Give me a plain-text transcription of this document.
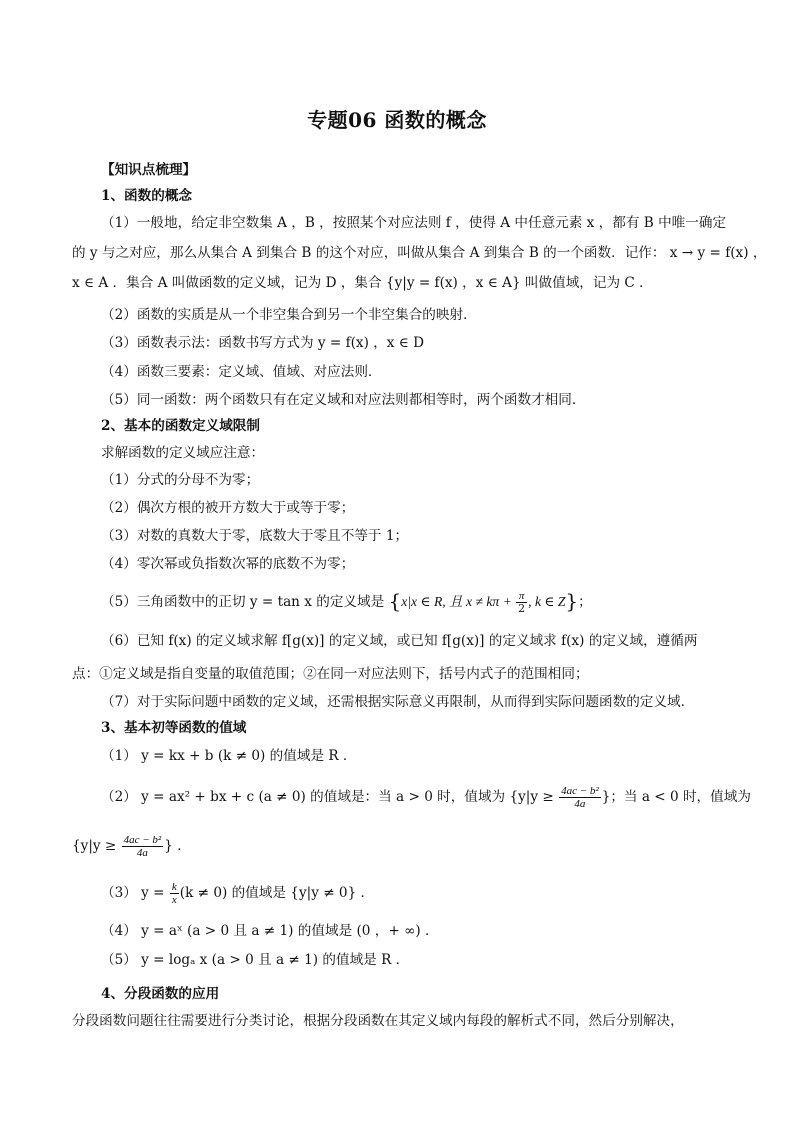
专题06 函数的概念
【知识点梳理】
1、函数的概念
（1）一般地，给定非空数集 A ，B ，按照某个对应法则 f ，使得 A 中任意元素 x ，都有 B 中唯一确定
的 y 与之对应，那么从集合 A 到集合 B 的这个对应，叫做从集合 A 到集合 B 的一个函数．记作： x → y = f(x) ，
x ∈ A ．集合 A 叫做函数的定义域，记为 D ，集合 {y|y = f(x) ，x ∈ A} 叫做值域，记为 C ．
（2）函数的实质是从一个非空集合到另一个非空集合的映射．
（3）函数表示法：函数书写方式为 y = f(x) ，x ∈ D
（4）函数三要素：定义域、值域、对应法则．
（5）同一函数：两个函数只有在定义域和对应法则都相等时，两个函数才相同．
2、基本的函数定义域限制
求解函数的定义域应注意：
（1）分式的分母不为零；
（2）偶次方根的被开方数大于或等于零；
（3）对数的真数大于零，底数大于零且不等于 1；
（4）零次幂或负指数次幂的底数不为零；
（5）三角函数中的正切 y = tan x 的定义域是 {x|x ∈ R, 且 $x \ne k\pi + \frac{\pi}{2}$ , k ∈ Z}；
（6）已知 f(x) 的定义域求解 f[g(x)] 的定义域，或已知 f[g(x)] 的定义域求 f(x) 的定义域，遵循两
点：①定义域是指自变量的取值范围；②在同一对应法则下，括号内式子的范围相同；
（7）对于实际问题中函数的定义域，还需根据实际意义再限制，从而得到实际问题函数的定义域．
3、基本初等函数的值域
（1） y = kx + b (k ≠ 0) 的值域是 R ．
（2） y = ax² + bx + c (a ≠ 0) 的值域是：当 a > 0 时，值域为 {$y|y \ge \frac{\text{4ac − b²}}{4a}$ }；当 a < 0 时，值域为
{$y|y \ge \frac{\text{4ac − b²}}{4a}$ } ．
（3） $y = \frac{k}{x} (k \ne 0)$ 的值域是 {y|y ≠ 0} ．
（4） y = aˣ (a > 0 且 a ≠ 1) 的值域是 (0 ，+ ∞) ．
（5） y = logₐ x (a > 0 且 a ≠ 1) 的值域是 R ．
4、分段函数的应用
分段函数问题往往需要进行分类讨论，根据分段函数在其定义域内每段的解析式不同，然后分别解决，
